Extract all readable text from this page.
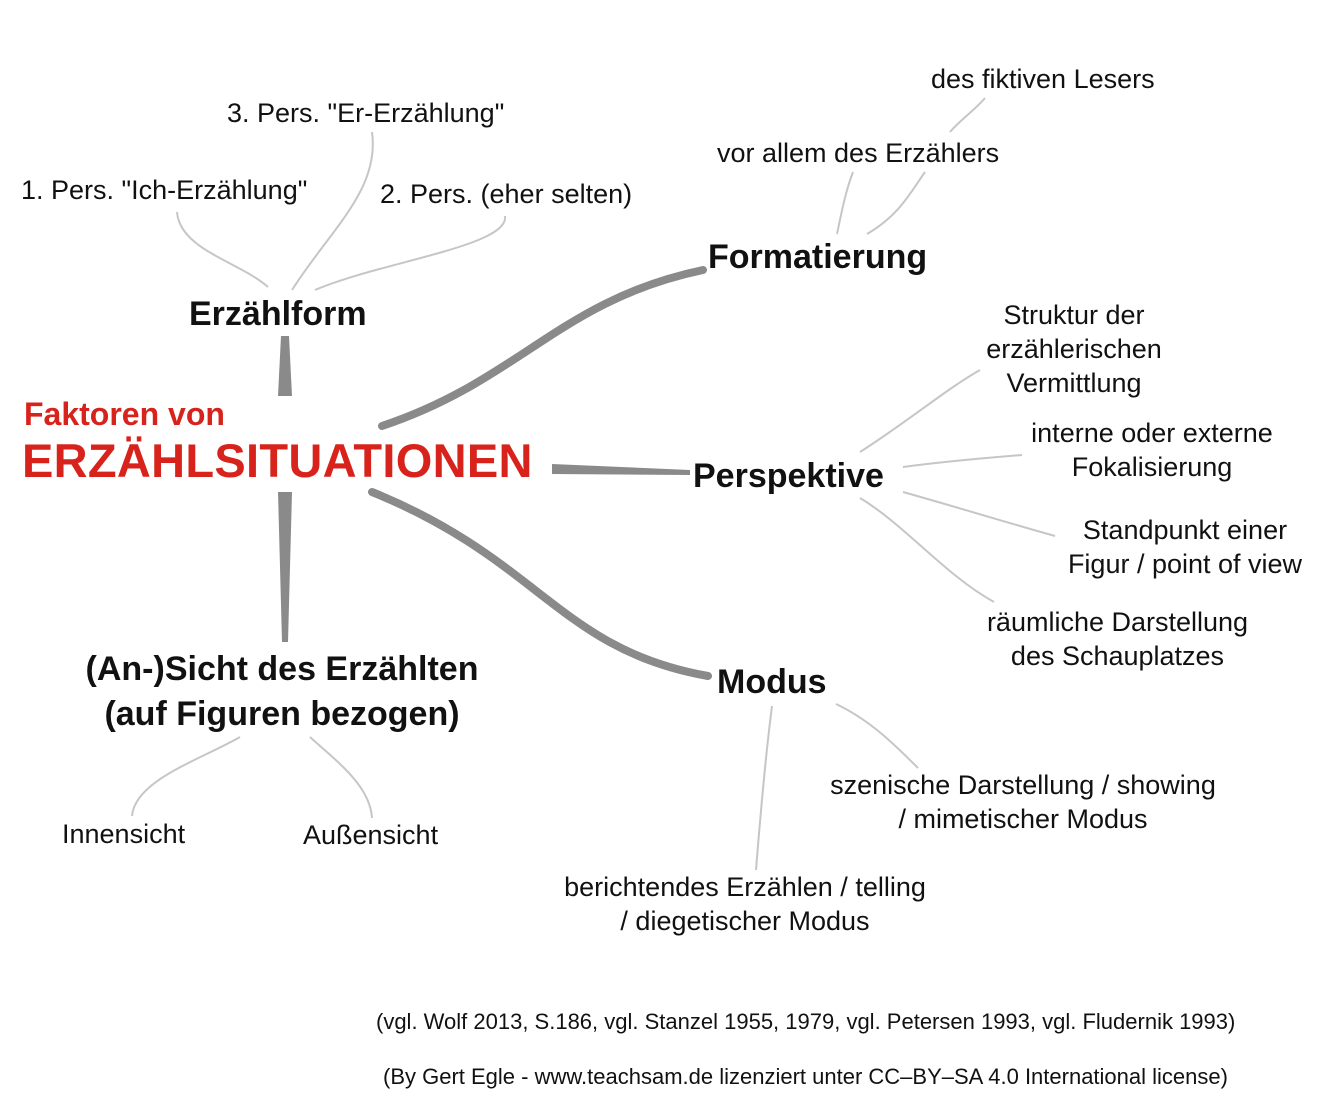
Faktoren von
ERZÄHLSITUATIONEN
Erzählform
Formatierung
Perspektive
Modus
(An-)Sicht des Erzählten
(auf Figuren bezogen)
1. Pers. "Ich-Erzählung"
3. Pers. "Er-Erzählung"
2. Pers. (eher selten)
vor allem des Erzählers
des fiktiven Lesers
Struktur der
erzählerischen
Vermittlung
interne oder externe
Fokalisierung
Standpunkt einer
Figur / point of view
räumliche Darstellung
des Schauplatzes
szenische Darstellung / showing
/ mimetischer Modus
berichtendes Erzählen / telling
/ diegetischer Modus
Innensicht	Außensicht
(vgl. Wolf 2013, S.186, vgl. Stanzel 1955, 1979, vgl. Petersen 1993, vgl. Fludernik 1993)
(By Gert Egle - www.teachsam.de lizenziert unter CC–BY–SA 4.0 International license)
